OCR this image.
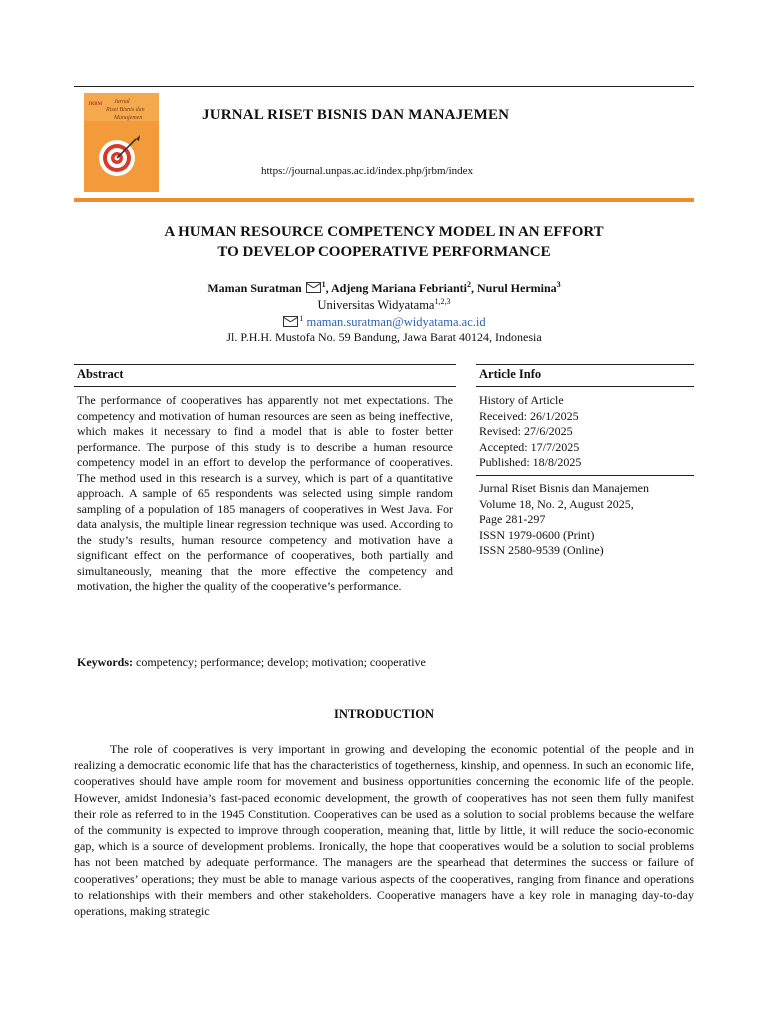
JRBM Jurnal
Riset Bisnis dan
Manajemen	JURNAL RISET BISNIS DAN MANAJEMEN
https://journal.unpas.ac.id/index.php/jrbm/index
A HUMAN RESOURCE COMPETENCY MODEL IN AN EFFORT
TO DEVELOP COOPERATIVE PERFORMANCE
Maman Suratman	$^1$, Adjeng Mariana Febrianti$^2$, Nurul Hermina$^3$
Universitas Widyatama$^{1,2,3}$
$^1$ maman.suratman@widyatama.ac.id
Jl. P.H.H. Mustofa No. 59 Bandung, Jawa Barat 40124, Indonesia
Abstract
The performance of cooperatives has apparently not met expectations. The competency and motivation of human resources are seen as being ineffective, which makes it necessary to find a model that is able to foster better performance. The purpose of this study is to describe a human resource competency model in an effort to develop the performance of cooperatives. The method used in this research is a survey, which is part of a quantitative approach. A sample of 65 respondents was selected using simple random sampling of a population of 185 managers of cooperatives in West Java. For data analysis, the multiple linear regression technique was used. According to the study’s results, human resource competency and motivation have a significant effect on the performance of cooperatives, both partially and simultaneously, meaning that the more effective the competency and motivation, the higher the quality of the cooperative’s performance.
Keywords: competency; performance; develop; motivation; cooperative
Article Info
History of Article
Received: 26/1/2025
Revised: 27/6/2025
Accepted: 17/7/2025
Published: 18/8/2025
Jurnal Riset Bisnis dan Manajemen
Volume 18, No. 2, August 2025,
Page 281-297
ISSN 1979-0600 (Print)
ISSN 2580-9539 (Online)
INTRODUCTION

The role of cooperatives is very important in growing and developing the economic potential of the people and in realizing a democratic economic life that has the characteristics of togetherness, kinship, and openness. In such an economic life, cooperatives should have ample room for movement and business opportunities concerning the economic life of the people. However, amidst Indonesia’s fast-paced economic development, the growth of cooperatives has not seen them fully manifest their role as referred to in the 1945 Constitution. Cooperatives can be used as a solution to social problems because the welfare of the community is expected to improve through cooperation, meaning that, little by little, it will reduce the socio-economic gap, which is a source of development problems. Ironically, the hope that cooperatives would be a solution to social problems has not been matched by adequate performance. The managers are the spearhead that determines the success or failure of cooperatives’ operations; they must be able to manage various aspects of the cooperatives, ranging from finance and operations to relationships with their members and other stakeholders. Cooperative managers have a key role in managing day-to-day operations, making strategic
